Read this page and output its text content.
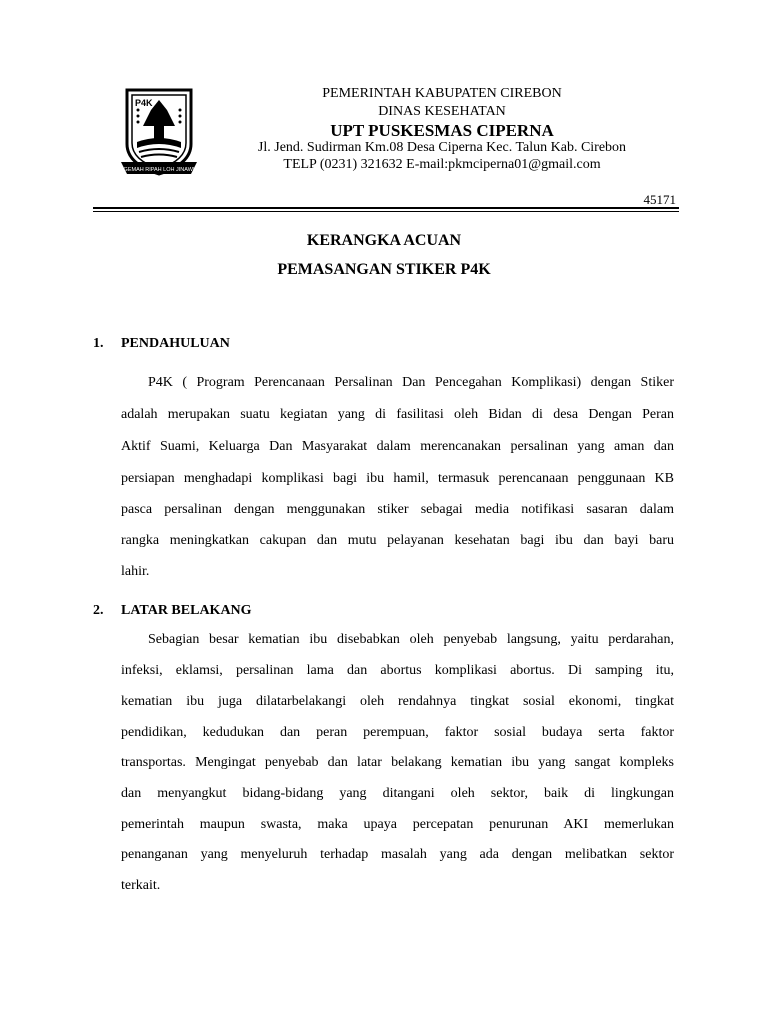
P4K
GEMAH RIPAH LOH JINAWI
PEMERINTAH KABUPATEN CIREBON
DINAS KESEHATAN
UPT PUSKESMAS CIPERNA
Jl. Jend. Sudirman Km.08 Desa Ciperna Kec. Talun Kab. Cirebon
TELP (0231) 321632 E-mail:pkmciperna01@gmail.com
45171
KERANGKA ACUAN
PEMASANGAN STIKER P4K
1. PENDAHULUAN
P4K ( Program Perencanaan Persalinan Dan Pencegahan Komplikasi) dengan Stiker
adalah merupakan suatu kegiatan yang di fasilitasi oleh Bidan di desa Dengan Peran
Aktif Suami, Keluarga Dan Masyarakat dalam merencanakan persalinan yang aman dan
persiapan menghadapi komplikasi bagi ibu hamil, termasuk perencanaan penggunaan KB
pasca persalinan dengan menggunakan stiker sebagai media notifikasi sasaran dalam
rangka meningkatkan cakupan dan mutu pelayanan kesehatan bagi ibu dan bayi baru
lahir.
2. LATAR BELAKANG
Sebagian besar kematian ibu disebabkan oleh penyebab langsung, yaitu perdarahan,
infeksi, eklamsi, persalinan lama dan abortus komplikasi abortus. Di samping itu,
kematian ibu juga dilatarbelakangi oleh rendahnya tingkat sosial ekonomi, tingkat
pendidikan, kedudukan dan peran perempuan, faktor sosial budaya serta faktor
transportas. Mengingat penyebab dan latar belakang kematian ibu yang sangat kompleks
dan menyangkut bidang-bidang yang ditangani oleh sektor, baik di lingkungan
pemerintah maupun swasta, maka upaya percepatan penurunan AKI memerlukan
penanganan yang menyeluruh terhadap masalah yang ada dengan melibatkan sektor
terkait.
